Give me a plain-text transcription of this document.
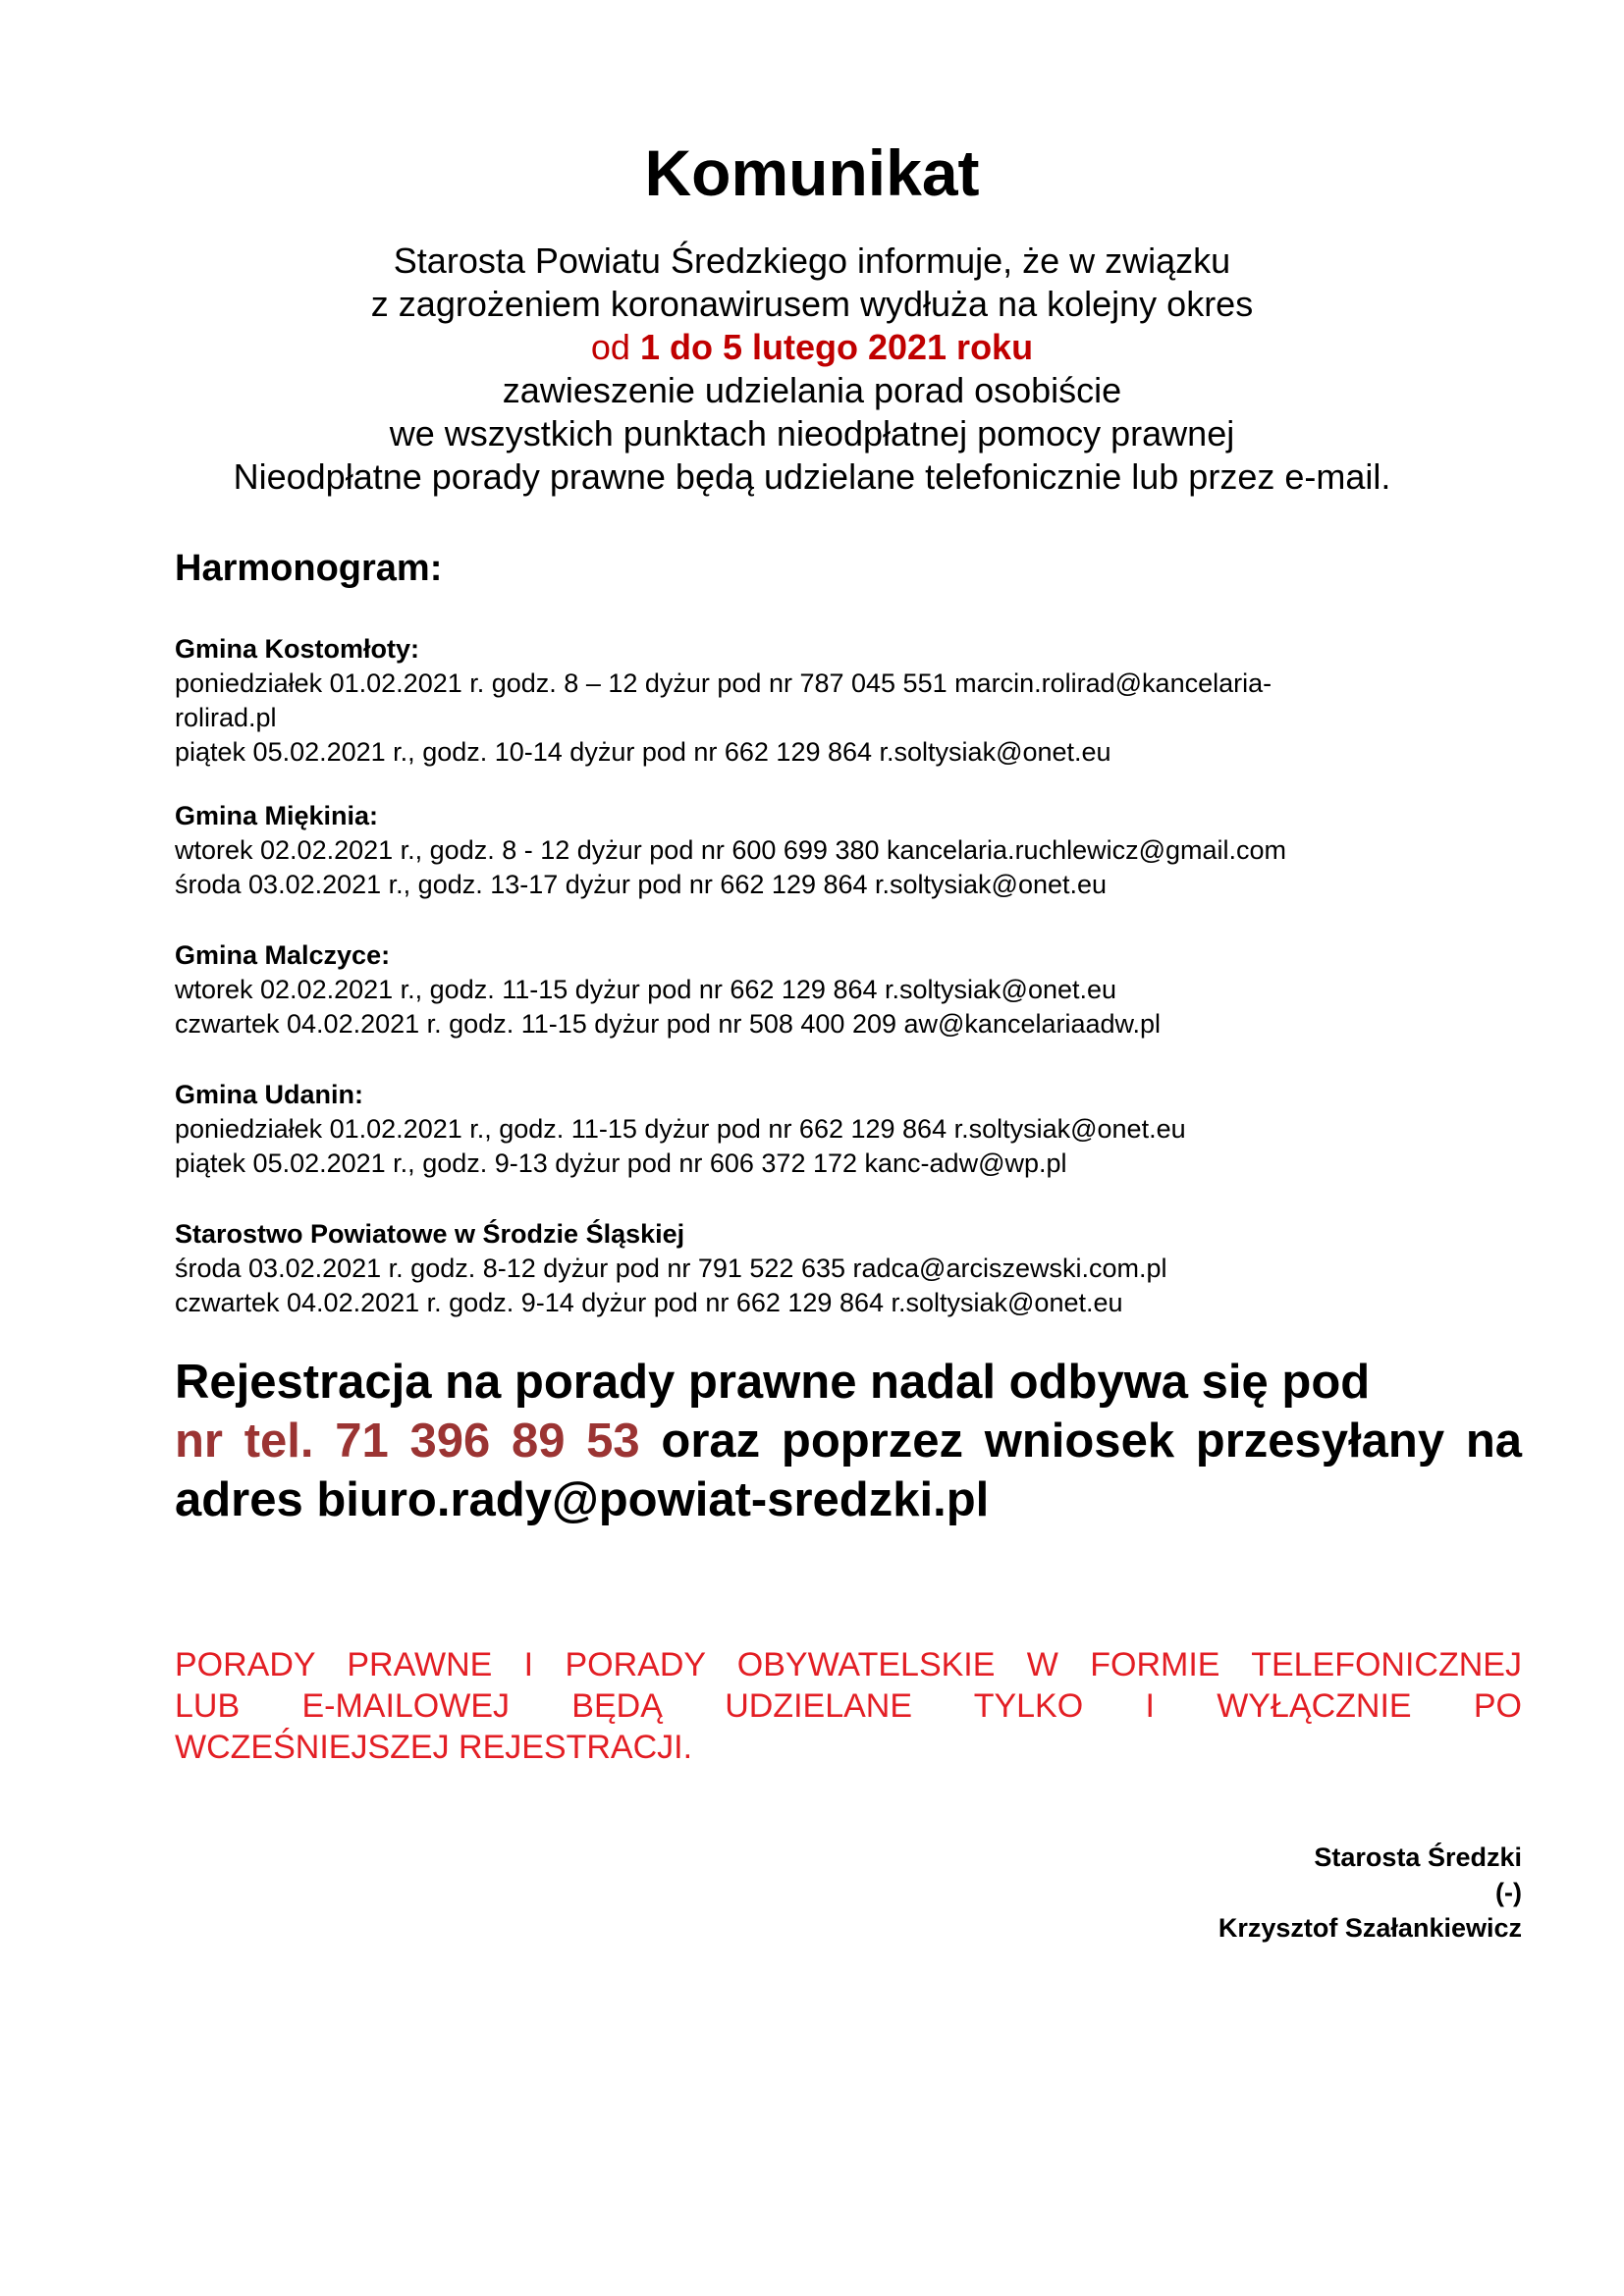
Komunikat
Starosta Powiatu Średzkiego informuje, że w związku
z zagrożeniem koronawirusem wydłuża na kolejny okres
od 1 do 5 lutego 2021 roku
zawieszenie udzielania porad osobiście
we wszystkich punktach nieodpłatnej pomocy prawnej
Nieodpłatne porady prawne będą udzielane telefonicznie lub przez e-mail.
Harmonogram:
Gmina Kostomłoty:
poniedziałek 01.02.2021 r. godz. 8 – 12 dyżur pod nr 787 045 551 marcin.rolirad@kancelaria-
rolirad.pl
piątek 05.02.2021 r., godz. 10-14 dyżur pod nr 662 129 864 r.soltysiak@onet.eu
Gmina Miękinia:
wtorek 02.02.2021 r., godz. 8 - 12 dyżur pod nr 600 699 380 kancelaria.ruchlewicz@gmail.com
środa 03.02.2021 r., godz. 13-17 dyżur pod nr 662 129 864 r.soltysiak@onet.eu
Gmina Malczyce:
wtorek 02.02.2021 r., godz. 11-15 dyżur pod nr 662 129 864 r.soltysiak@onet.eu
czwartek 04.02.2021 r. godz. 11-15 dyżur pod nr 508 400 209 aw@kancelariaadw.pl
Gmina Udanin:
poniedziałek 01.02.2021 r., godz. 11-15 dyżur pod nr 662 129 864 r.soltysiak@onet.eu
piątek 05.02.2021 r., godz. 9-13 dyżur pod nr 606 372 172 kanc-adw@wp.pl
Starostwo Powiatowe w Środzie Śląskiej
środa 03.02.2021 r. godz. 8-12 dyżur pod nr 791 522 635 radca@arciszewski.com.pl
czwartek 04.02.2021 r. godz. 9-14 dyżur pod nr 662 129 864 r.soltysiak@onet.eu
Rejestracja na porady prawne nadal odbywa się pod
nr tel. 71 396 89 53 oraz poprzez wniosek przesyłany na
adres biuro.rady@powiat-sredzki.pl
PORADY PRAWNE I PORADY OBYWATELSKIE W FORMIE TELEFONICZNEJ
LUB E-MAILOWEJ BĘDĄ UDZIELANE TYLKO I WYŁĄCZNIE PO
WCZEŚNIEJSZEJ REJESTRACJI.
Starosta Średzki
(-)
Krzysztof Szałankiewicz
